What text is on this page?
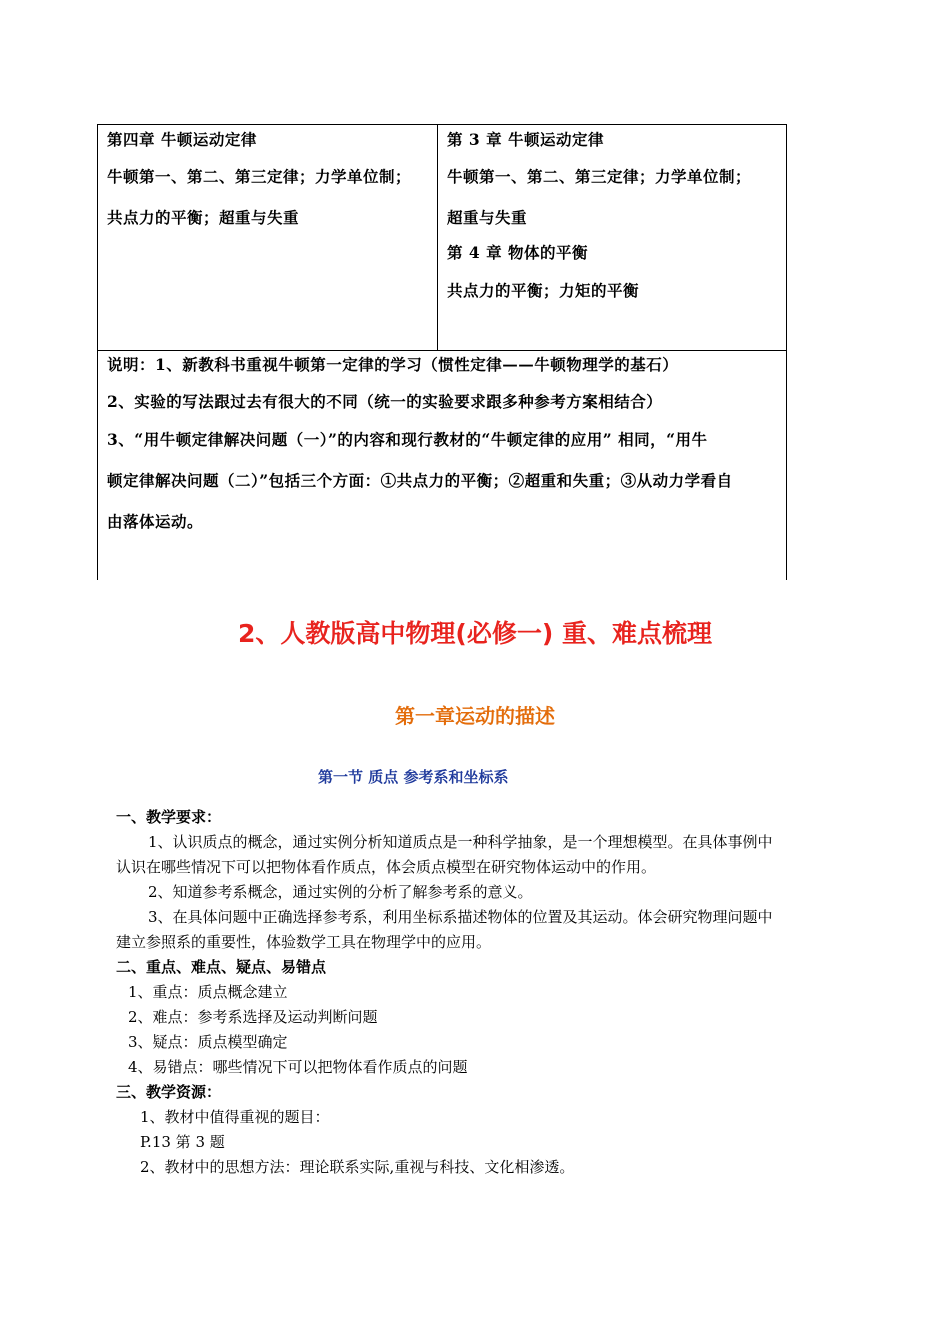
第四章 牛顿运动定律
牛顿第一、第二、第三定律；力学单位制；
共点力的平衡；超重与失重
第 3 章 牛顿运动定律
牛顿第一、第二、第三定律；力学单位制；
超重与失重
第 4 章 物体的平衡
共点力的平衡；力矩的平衡
说明：1、新教科书重视牛顿第一定律的学习（惯性定律——牛顿物理学的基石）
2、实验的写法跟过去有很大的不同（统一的实验要求跟多种参考方案相结合）
3、“用牛顿定律解决问题（一）”的内容和现行教材的“牛顿定律的应用” 相同，“用牛
顿定律解决问题（二）”包括三个方面：①共点力的平衡；②超重和失重；③从动力学看自
由落体运动。
2、人教版高中物理(必修一) 重、难点梳理
第一章运动的描述
第一节 质点 参考系和坐标系
一、教学要求：
1、认识质点的概念，通过实例分析知道质点是一种科学抽象，是一个理想模型。在具体事例中
认识在哪些情况下可以把物体看作质点，体会质点模型在研究物体运动中的作用。
2、知道参考系概念，通过实例的分析了解参考系的意义。
3、在具体问题中正确选择参考系，利用坐标系描述物体的位置及其运动。体会研究物理问题中
建立参照系的重要性，体验数学工具在物理学中的应用。
二、重点、难点、疑点、易错点
1、重点：质点概念建立
2、难点：参考系选择及运动判断问题
3、疑点：质点模型确定
4、易错点：哪些情况下可以把物体看作质点的问题
三、教学资源：
1、教材中值得重视的题目：
P.13 第 3 题
2、教材中的思想方法：理论联系实际,重视与科技、文化相渗透。
